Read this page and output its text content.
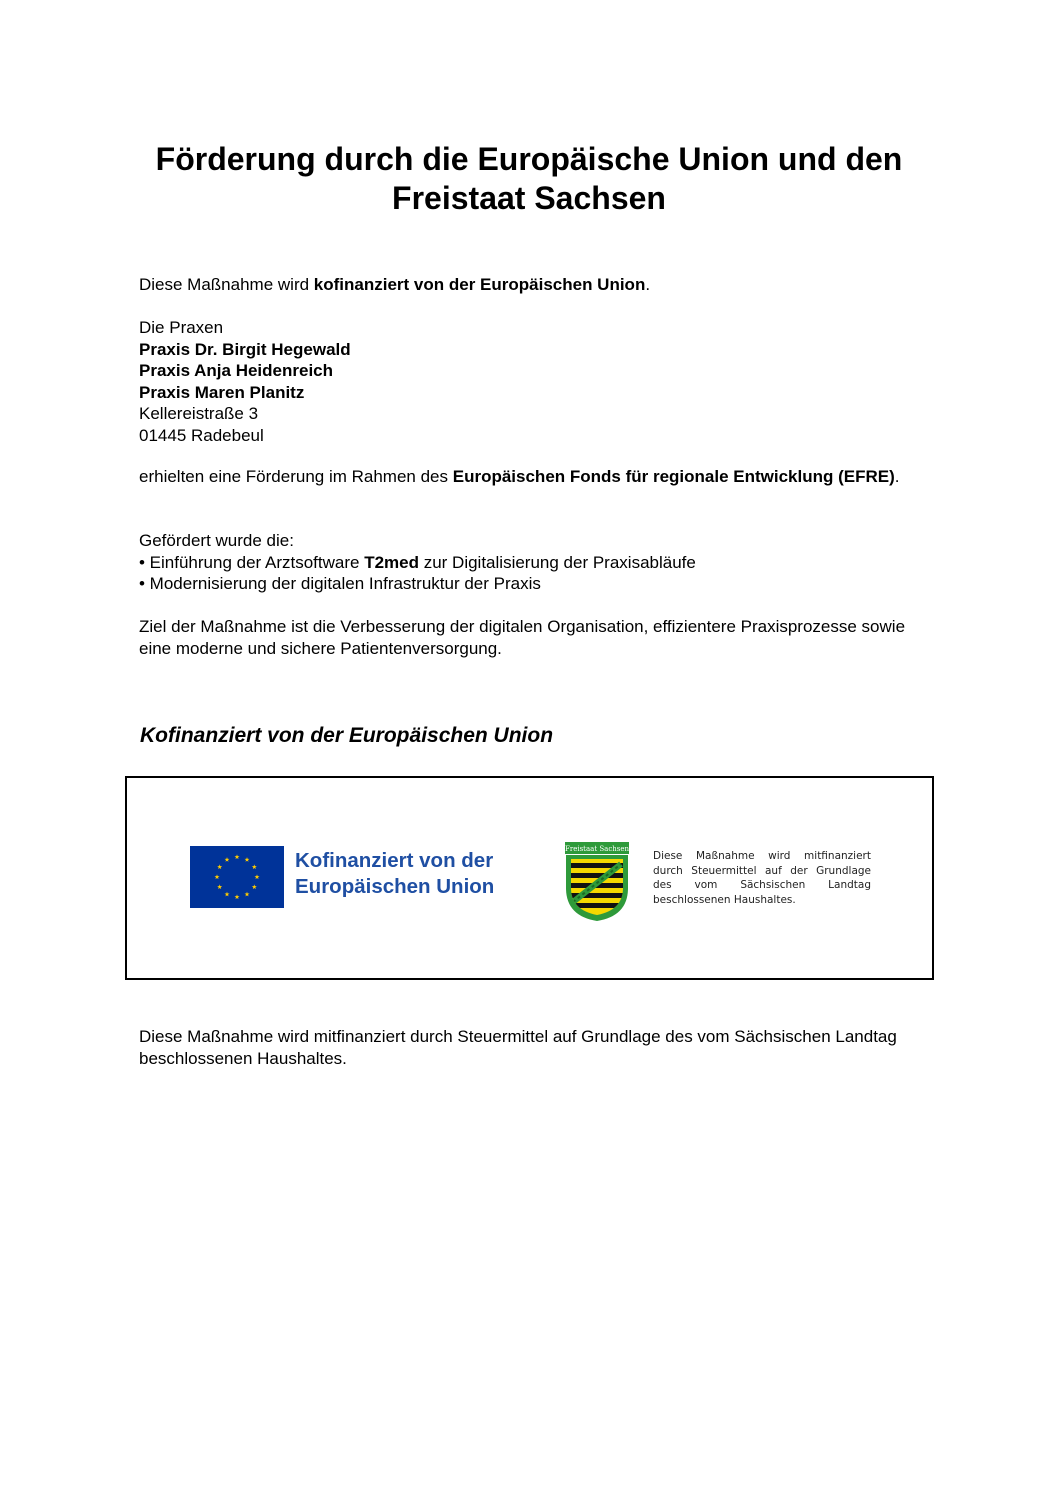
Förderung durch die Europäische Union und den Freistaat Sachsen

Diese Maßnahme wird kofinanziert von der Europäischen Union.

Die Praxen
Praxis Dr. Birgit Hegewald
Praxis Anja Heidenreich
Praxis Maren Planitz
Kellereistraße 3
01445 Radebeul

erhielten eine Förderung im Rahmen des Europäischen Fonds für regionale Entwicklung (EFRE).

Gefördert wurde die:
• Einführung der Arztsoftware T2med zur Digitalisierung der Praxisabläufe
• Modernisierung der digitalen Infrastruktur der Praxis

Ziel der Maßnahme ist die Verbesserung der digitalen Organisation, effizientere Praxisprozesse sowie eine moderne und sichere Patientenversorgung.

Kofinanziert von der Europäischen Union
Kofinanziert von der
Europäischen Union
Freistaat Sachsen
Diese Maßnahme wird mitfinanziert durch Steuermittel auf der Grundlage des vom Sächsischen Landtag beschlossenen Haushaltes.

Diese Maßnahme wird mitfinanziert durch Steuermittel auf Grundlage des vom Sächsischen Landtag beschlossenen Haushaltes.
